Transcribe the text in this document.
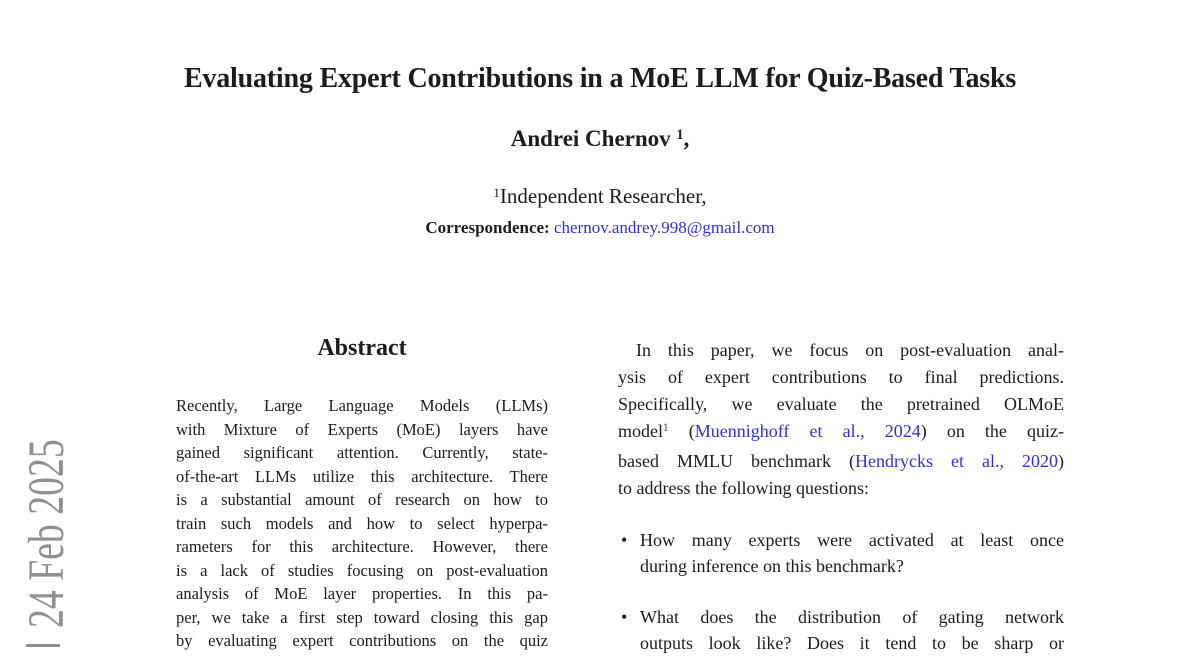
24 Feb 2025
Evaluating Expert Contributions in a MoE LLM for Quiz-Based Tasks
Andrei Chernov $^1$,
$^1$Independent Researcher,
Correspondence: chernov.andrey.998@gmail.com
Abstract
Recently, Large Language Models (LLMs)
with Mixture of Experts (MoE) layers have
gained significant attention. Currently, state-
of-the-art LLMs utilize this architecture. There
is a substantial amount of research on how to
train such models and how to select hyperpa-
rameters for this architecture. However, there
is a lack of studies focusing on post-evaluation
analysis of MoE layer properties. In this pa-
per, we take a first step toward closing this gap
by evaluating expert contributions on the quiz
In this paper, we focus on post-evaluation anal-
ysis of expert contributions to final predictions.
Specifically, we evaluate the pretrained OLMoE
model$^1$ (Muennighoff et al., 2024) on the quiz-
based MMLU benchmark (Hendrycks et al., 2020)
to address the following questions:
• How many experts were activated at least once
during inference on this benchmark?
• What does the distribution of gating network
outputs look like? Does it tend to be sharp or
